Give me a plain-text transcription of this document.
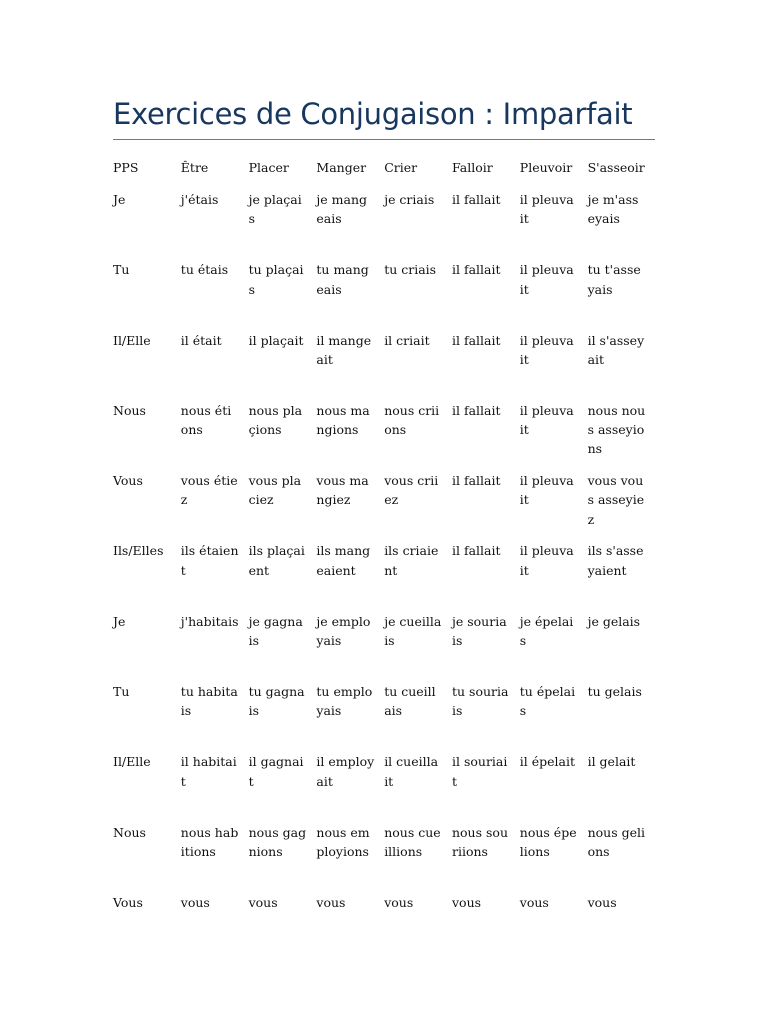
Exercices de Conjugaison : Imparfait
PPS	Être	Placer	Manger	Crier	Falloir	Pleuvoir	S'asseoir
Je	j'étais	je plaçais	je mangeais	je criais	il fallait	il pleuvait	je m'asseyais
Tu	tu étais	tu plaçais	tu mangeais	tu criais	il fallait	il pleuvait	tu t'asseyais
Il/Elle	il était	il plaçait	il mangeait	il criait	il fallait	il pleuvait	il s'asseyait
Nous	nous étions	nous plaçions	nous mangions	nous criions	il fallait	il pleuvait	nous nous asseyions
Vous	vous étiez	vous placiez	vous mangiez	vous criiez	il fallait	il pleuvait	vous vous asseyiez
Ils/Elles	ils étaient	ils plaçaient	ils mangeaient	ils criaient	il fallait	il pleuvait	ils s'asseyaient
Je	j'habitais	je gagnais	je employais	je cueillais	je souriais	je épelais	je gelais
Tu	tu habitais	tu gagnais	tu employais	tu cueillais	tu souriais	tu épelais	tu gelais
Il/Elle	il habitait	il gagnait	il employait	il cueillait	il souriait	il épelait	il gelait
Nous	nous habitions	nous gagnions	nous employions	nous cueillions	nous souriions	nous épelions	nous gelions
Vous	vous	vous	vous	vous	vous	vous	vous
